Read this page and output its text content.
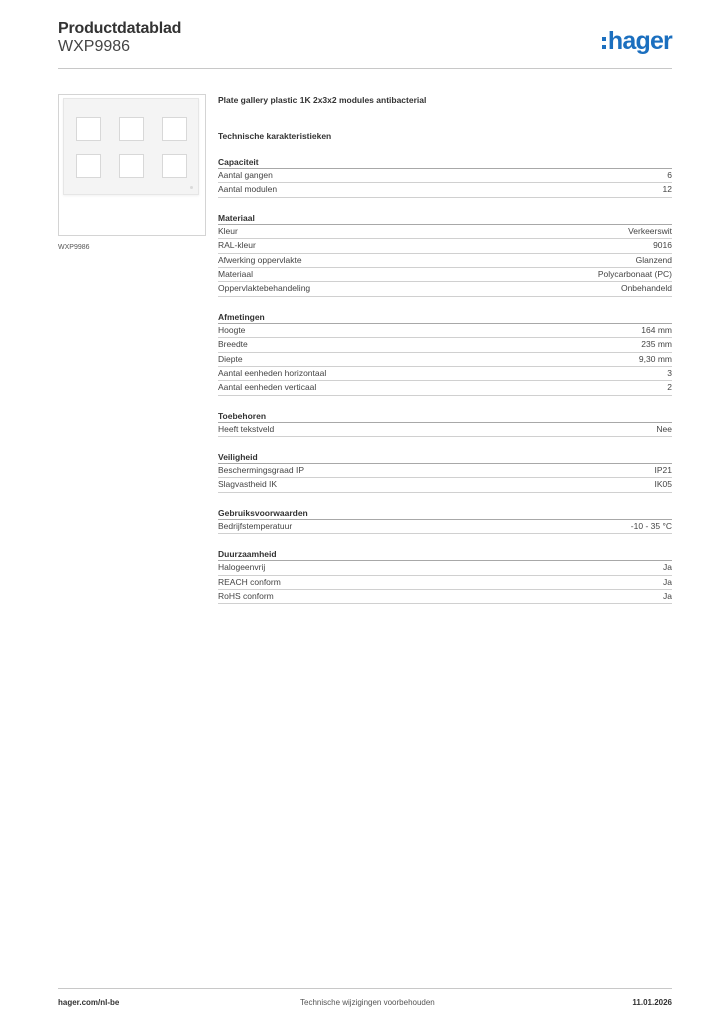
Productdatablad
WXP9986	hager
WXP9986
Plate gallery plastic 1K 2x3x2 modules antibacterial
Technische karakteristieken
Capaciteit
Aantal gangen	6
Aantal modulen	12
Materiaal
Kleur	Verkeerswit
RAL-kleur	9016
Afwerking oppervlakte	Glanzend
Materiaal	Polycarbonaat (PC)
Oppervlaktebehandeling	Onbehandeld
Afmetingen
Hoogte	164 mm
Breedte	235 mm
Diepte	9,30 mm
Aantal eenheden horizontaal	3
Aantal eenheden verticaal	2
Toebehoren
Heeft tekstveld	Nee
Veiligheid
Beschermingsgraad IP	IP21
Slagvastheid IK	IK05
Gebruiksvoorwaarden
Bedrijfstemperatuur	-10 - 35 °C
Duurzaamheid
Halogeenvrij	Ja
REACH conform	Ja
RoHS conform	Ja
hager.com/nl-be	Technische wijzigingen voorbehouden	11.01.2026
